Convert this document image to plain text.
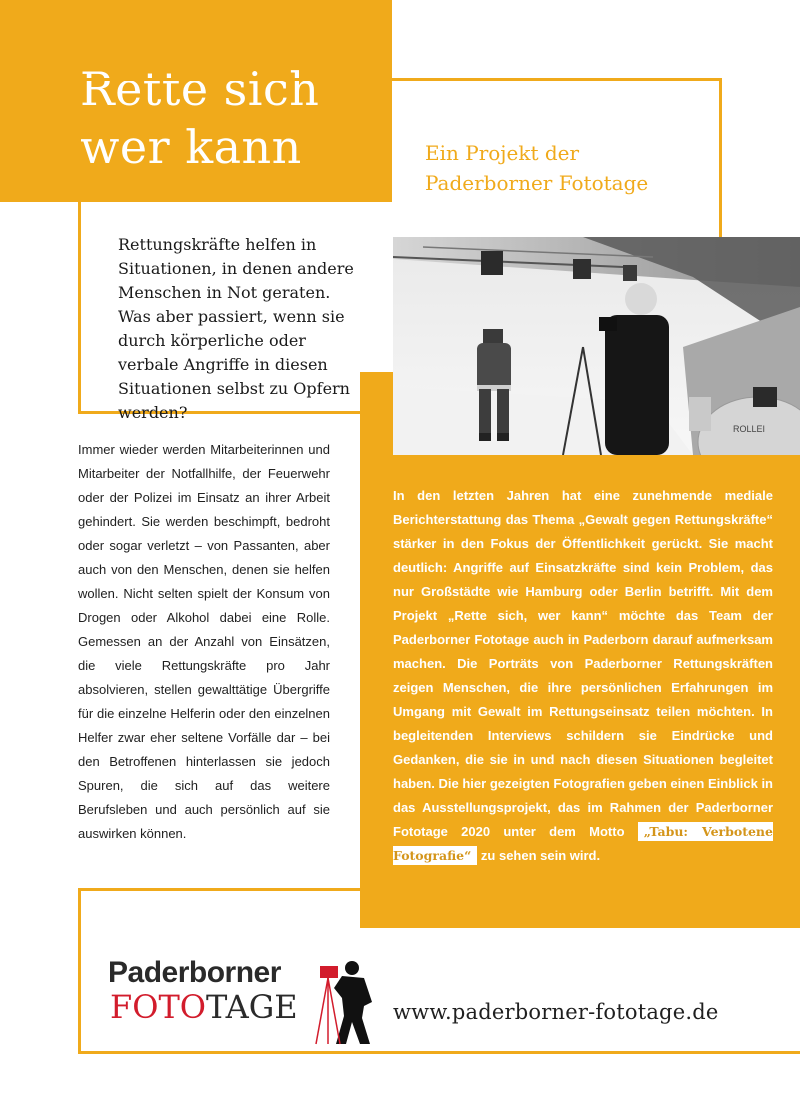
Rette sich
wer kann	Ein Projekt der
Paderborner Fototage
Rettungskräfte helfen in Situationen, in denen andere Menschen in Not geraten. Was aber passiert, wenn sie durch körperliche oder verbale Angriffe in diesen Situationen selbst zu Opfern werden?
ROLLEI
Immer wieder werden Mitarbeiterinnen und Mitarbeiter der Notfallhilfe, der Feuerwehr oder der Polizei im Einsatz an ihrer Arbeit gehindert. Sie werden beschimpft, bedroht oder sogar verletzt – von Passanten, aber auch von den Menschen, denen sie helfen wollen. Nicht selten spielt der Konsum von Drogen oder Alkohol dabei eine Rolle. Gemessen an der Anzahl von Einsätzen, die viele Rettungskräfte pro Jahr absolvieren, stellen gewalttätige Übergriffe für die einzelne Helferin oder den einzelnen Helfer zwar eher seltene Vorfälle dar – bei den Betroffenen hinterlassen sie jedoch Spuren, die sich auf das weitere Berufsleben und auch persönlich auf sie auswirken können.
In den letzten Jahren hat eine zunehmende mediale Berichterstattung das Thema „Gewalt gegen Rettungskräfte“ stärker in den Fokus der Öffentlichkeit gerückt. Sie macht deutlich: Angriffe auf Einsatzkräfte sind kein Problem, das nur Großstädte wie Hamburg oder Berlin betrifft. Mit dem Projekt „Rette sich, wer kann“ möchte das Team der Paderborner Fototage auch in Paderborn darauf aufmerksam machen. Die Porträts von Paderborner Rettungskräften zeigen Menschen, die ihre persönlichen Erfahrungen im Umgang mit Gewalt im Rettungseinsatz teilen möchten. In begleitenden Interviews schildern sie Eindrücke und Gedanken, die sie in und nach diesen Situationen begleitet haben. Die hier gezeigten Fotografien geben einen Einblick in das Ausstellungsprojekt, das im Rahmen der Paderborner Fototage 2020 unter dem Motto „Tabu: Verbotene Fotografie“ zu sehen sein wird.
Paderborner
FOTOTAGE	www.paderborner-fototage.de
